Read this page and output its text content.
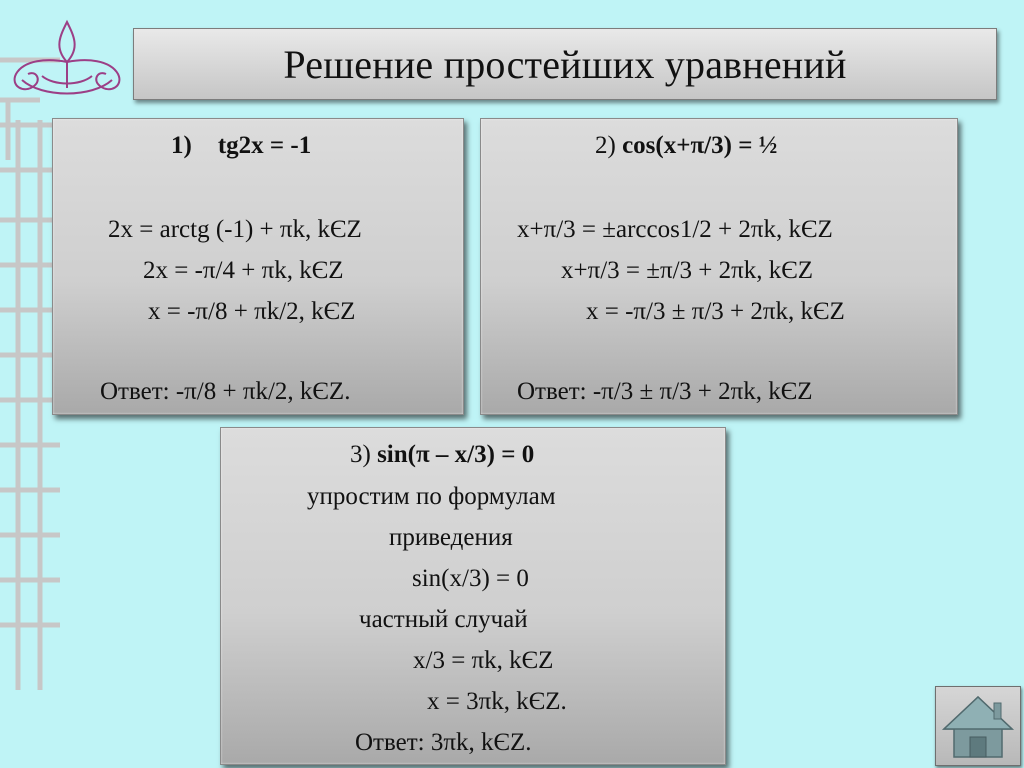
Решение простейших уравнений
1) tg2x = -1
2x = arctg (-1) + πk, kЄZ
2x = -π/4 + πk, kЄZ
x = -π/8 + πk/2, kЄZ
Ответ: -π/8 + πk/2, kЄZ.
2) cos(x+π/3) = ½
x+π/3 = ±arccos1/2 + 2πk, kЄZ
x+π/3 = ±π/3 + 2πk, kЄZ
x = -π/3 ± π/3 + 2πk, kЄZ
Ответ: -π/3 ± π/3 + 2πk, kЄZ
3) sin(π – x/3) = 0
упростим по формулам
приведения
sin(x/3) = 0
частный случай
x/3 = πk, kЄZ
x = 3πk, kЄZ.
Ответ: 3πk, kЄZ.
